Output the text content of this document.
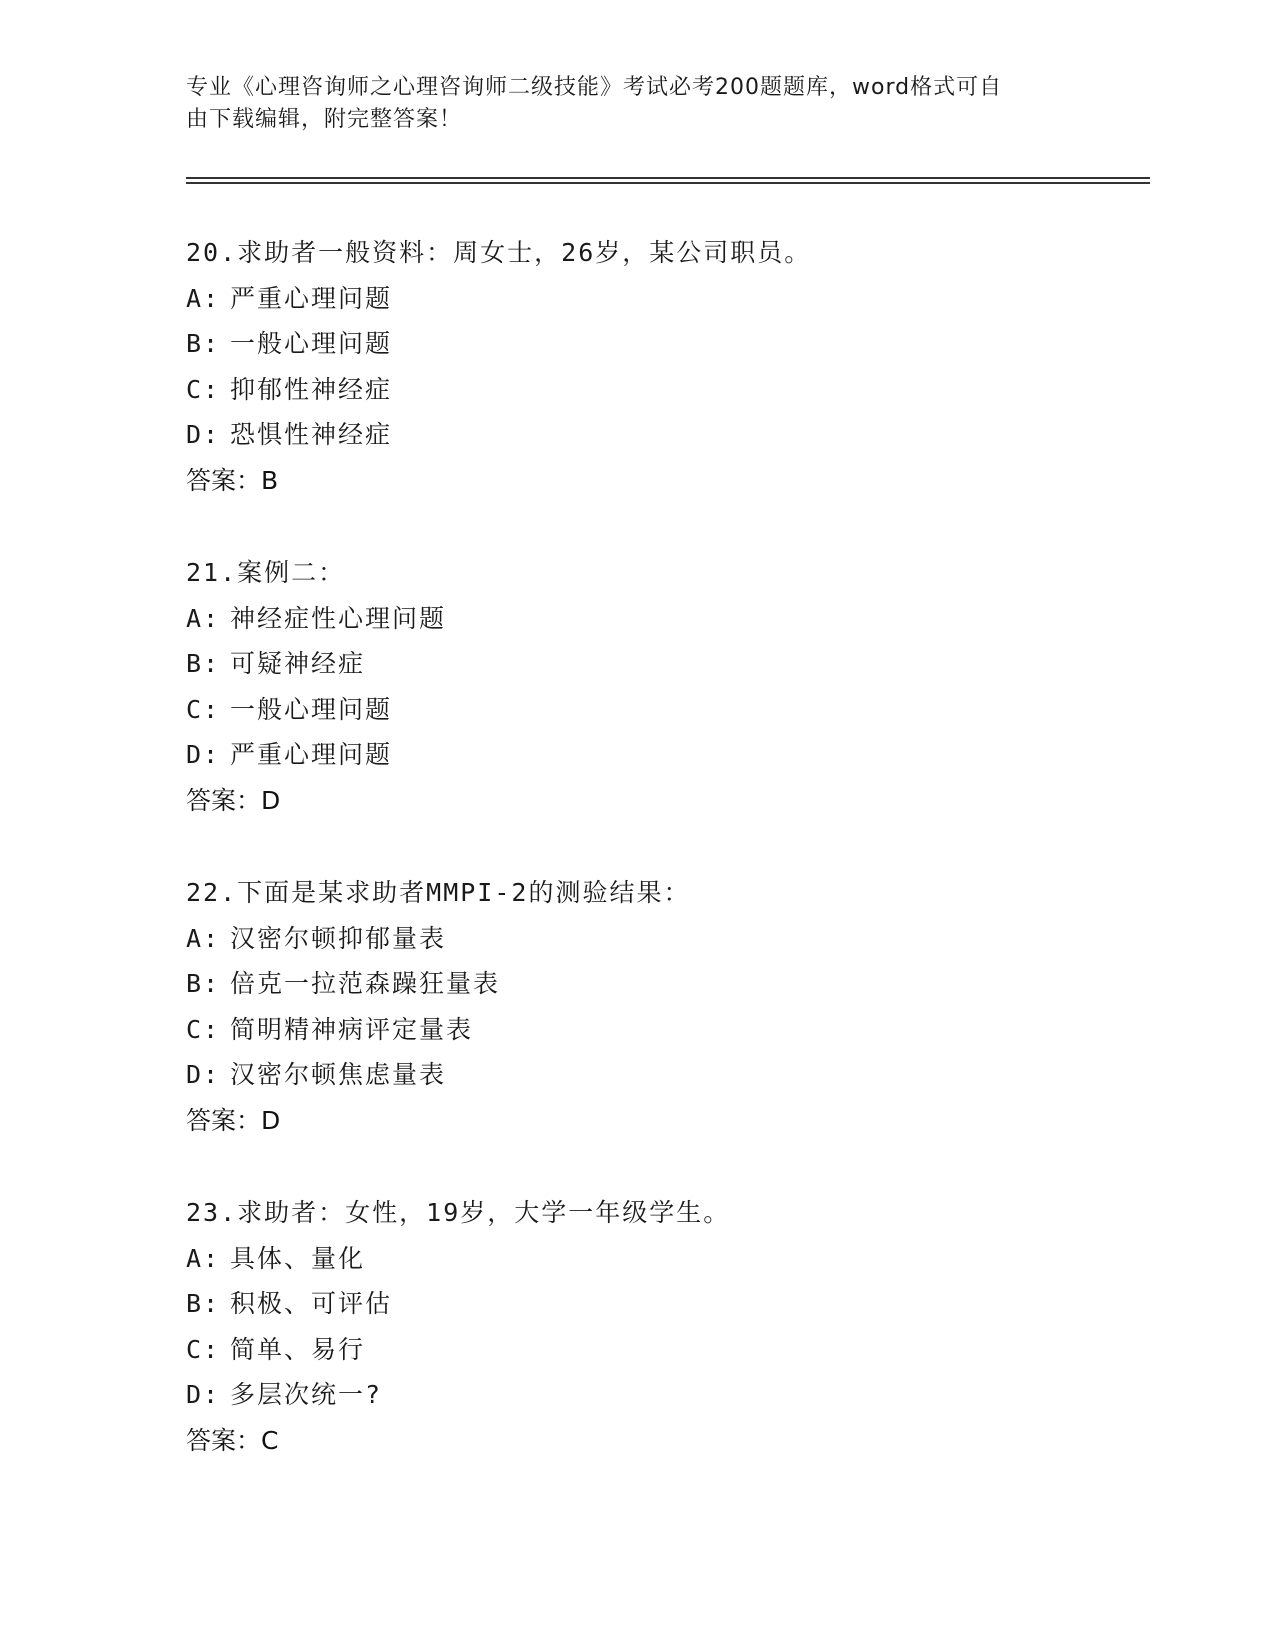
专业《心理咨询师之心理咨询师二级技能》考试必考200题题库，word格式可自
由下载编辑，附完整答案！
20.求助者一般资料：周女士，26岁，某公司职员。
A: 严重心理问题
B: 一般心理问题
C: 抑郁性神经症
D: 恐惧性神经症
答案：B
21.案例二：
A: 神经症性心理问题
B: 可疑神经症
C: 一般心理问题
D: 严重心理问题
答案：D
22.下面是某求助者MMPI-2的测验结果：
A: 汉密尔顿抑郁量表
B: 倍克一拉范森躁狂量表
C: 简明精神病评定量表
D: 汉密尔顿焦虑量表
答案：D
23.求助者：女性，19岁，大学一年级学生。
A: 具体、量化
B: 积极、可评估
C: 简单、易行
D: 多层次统一?
答案：C
